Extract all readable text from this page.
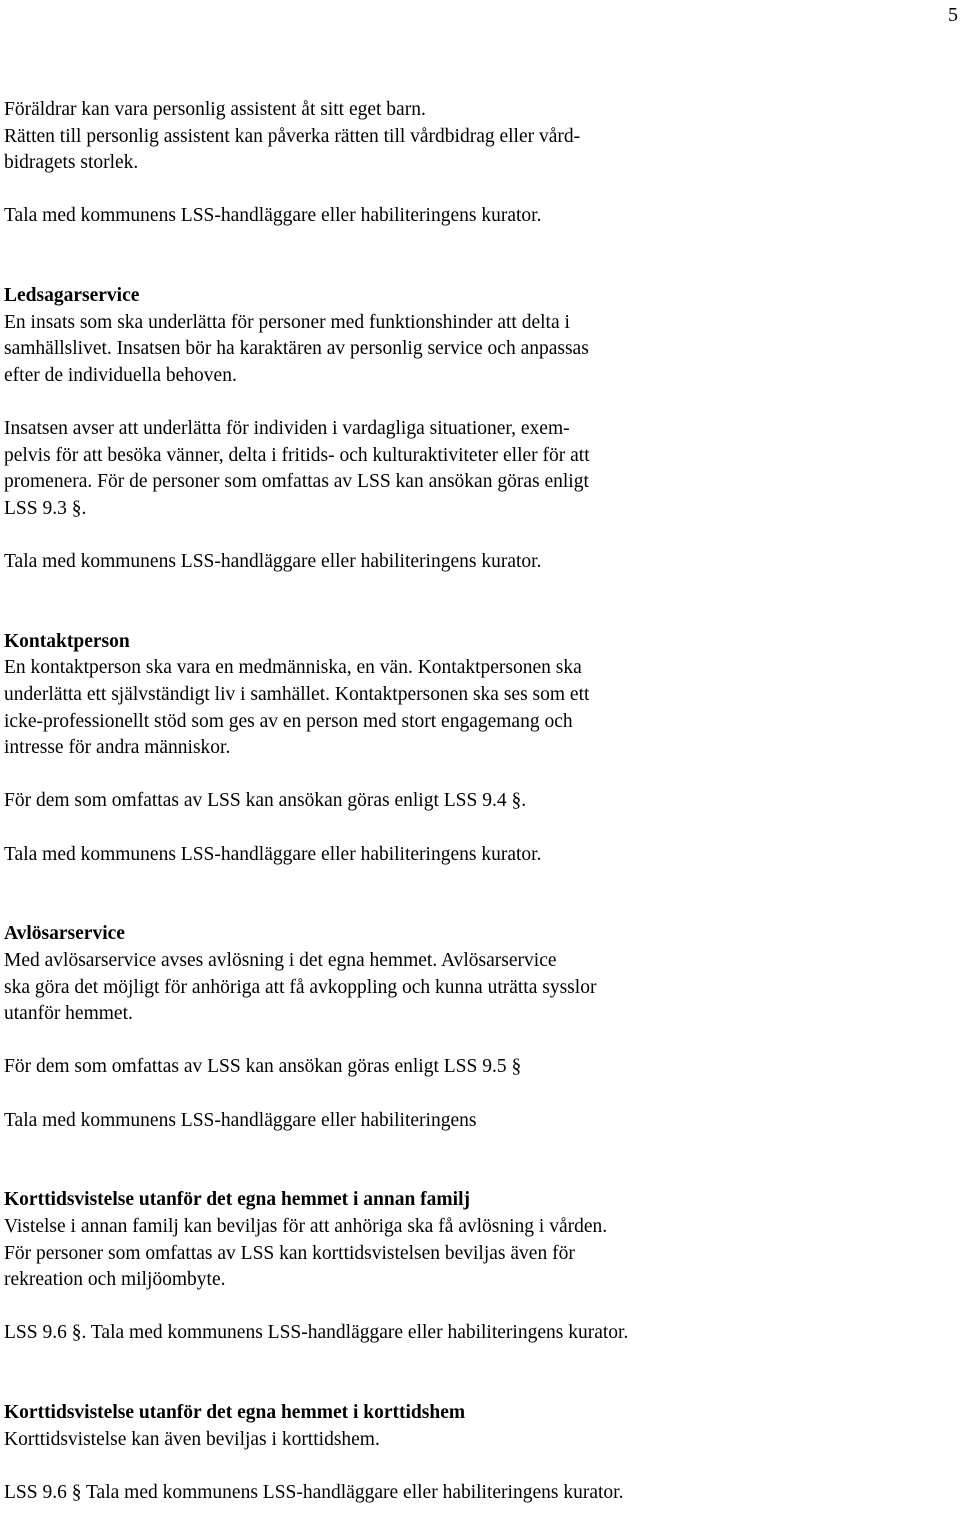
5

Föräldrar kan vara personlig assistent åt sitt eget barn.

Rätten till personlig assistent kan påverka rätten till vårdbidrag eller vård-

bidragets storlek.

Tala med kommunens LSS-handläggare eller habiliteringens kurator.

Ledsagarservice

En insats som ska underlätta för personer med funktionshinder att delta i

samhällslivet. Insatsen bör ha karaktären av personlig service och anpassas

efter de individuella behoven.

Insatsen avser att underlätta för individen i vardagliga situationer, exem-

pelvis för att besöka vänner, delta i fritids- och kulturaktiviteter eller för att

promenera. För de personer som omfattas av LSS kan ansökan göras enligt

LSS 9.3 §.

Tala med kommunens LSS-handläggare eller habiliteringens kurator.

Kontaktperson

En kontaktperson ska vara en medmänniska, en vän. Kontaktpersonen ska

underlätta ett självständigt liv i samhället. Kontaktpersonen ska ses som ett

icke-professionellt stöd som ges av en person med stort engagemang och

intresse för andra människor.

För dem som omfattas av LSS kan ansökan göras enligt LSS 9.4 §.

Tala med kommunens LSS-handläggare eller habiliteringens kurator.

Avlösarservice

Med avlösarservice avses avlösning i det egna hemmet. Avlösarservice

ska göra det möjligt för anhöriga att få avkoppling och kunna uträtta sysslor

utanför hemmet.

För dem som omfattas av LSS kan ansökan göras enligt LSS 9.5 §

Tala med kommunens LSS-handläggare eller habiliteringens

Korttidsvistelse utanför det egna hemmet i annan familj

Vistelse i annan familj kan beviljas för att anhöriga ska få avlösning i vården.

För personer som omfattas av LSS kan korttidsvistelsen beviljas även för

rekreation och miljöombyte.

LSS 9.6 §. Tala med kommunens LSS-handläggare eller habiliteringens kurator.

Korttidsvistelse utanför det egna hemmet i korttidshem

Korttidsvistelse kan även beviljas i korttidshem.

LSS 9.6 § Tala med kommunens LSS-handläggare eller habiliteringens kurator.
